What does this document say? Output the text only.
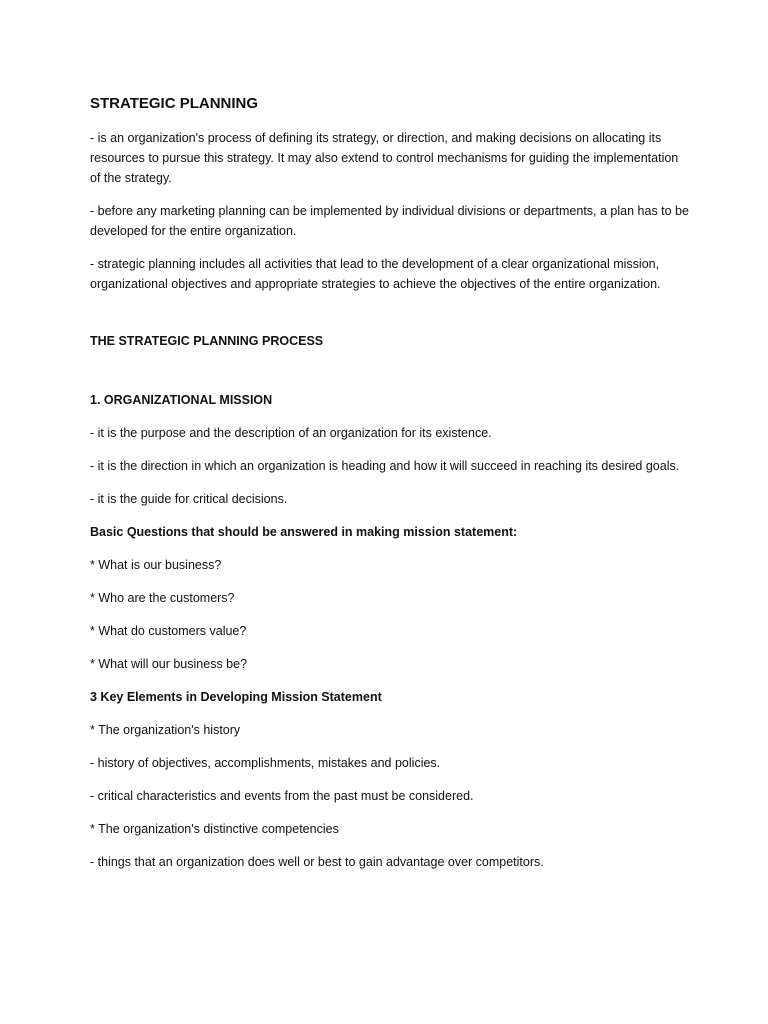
STRATEGIC PLANNING

- is an organization's process of defining its strategy, or direction, and making decisions on allocating its resources to pursue this strategy. It may also extend to control mechanisms for guiding the implementation of the strategy.

- before any marketing planning can be implemented by individual divisions or departments, a plan has to be developed for the entire organization.

- strategic planning includes all activities that lead to the development of a clear organizational mission, organizational objectives and appropriate strategies to achieve the objectives of the entire organization.

THE STRATEGIC PLANNING PROCESS

1. ORGANIZATIONAL MISSION

- it is the purpose and the description of an organization for its existence.

- it is the direction in which an organization is heading and how it will succeed in reaching its desired goals.

- it is the guide for critical decisions.

Basic Questions that should be answered in making mission statement:

* What is our business?

* Who are the customers?

* What do customers value?

* What will our business be?

3 Key Elements in Developing Mission Statement

* The organization's history

- history of objectives, accomplishments, mistakes and policies.

- critical characteristics and events from the past must be considered.

* The organization's distinctive competencies

- things that an organization does well or best to gain advantage over competitors.
